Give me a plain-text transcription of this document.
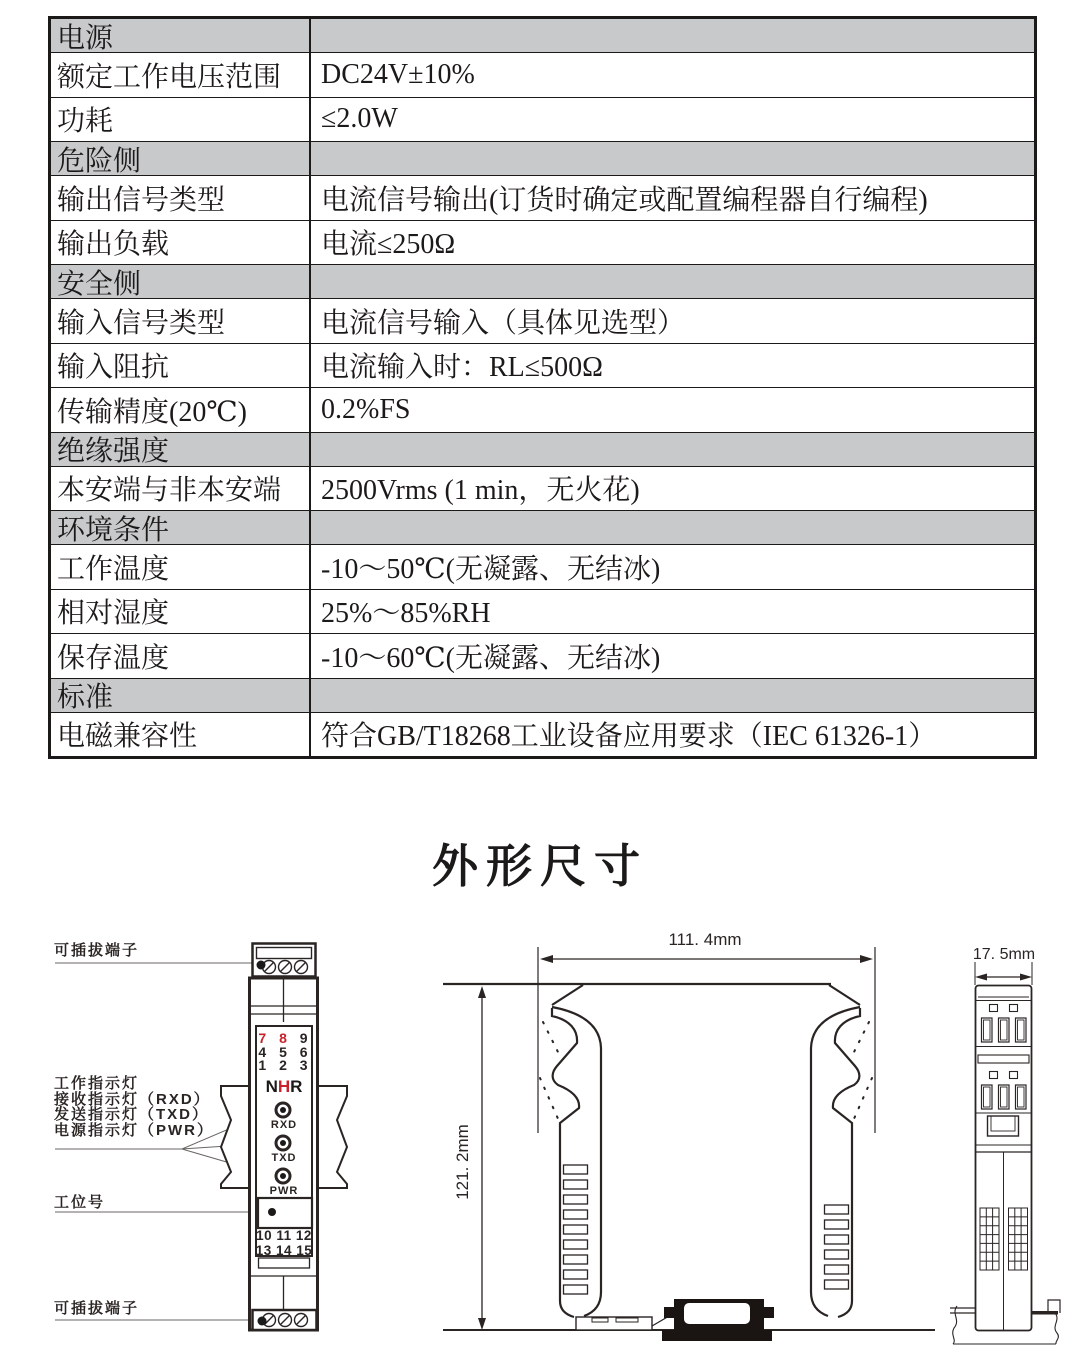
电源
额定工作电压范围	DC24V±10%
功耗	≤2.0W
危险侧
输出信号类型	电流信号输出(订货时确定或配置编程器自行编程)
输出负载	电流≤250Ω
安全侧
输入信号类型	电流信号输入（具体见选型）
输入阻抗	电流输入时：RL≤500Ω
传输精度(20℃)	0.2%FS
绝缘强度
本安端与非本安端	2500Vrms (1 min，无火花)
环境条件
工作温度	-10～50℃(无凝露、无结冰)
相对湿度	25%～85%RH
保存温度	-10～60℃(无凝露、无结冰)
标准
电磁兼容性	符合GB/T18268工业设备应用要求（IEC 61326-1）
外形尺寸
可插拔端子
工作指示灯
接收指示灯（RXD）
发送指示灯（TXD）
电源指示灯（PWR）
工位号
可插拔端子
7 8 9
4 5 6
1 2 3
NHR
RXD
TXD
PWR
10 11 12
13 14 15
111. 4mm
121. 2mm
17. 5mm
